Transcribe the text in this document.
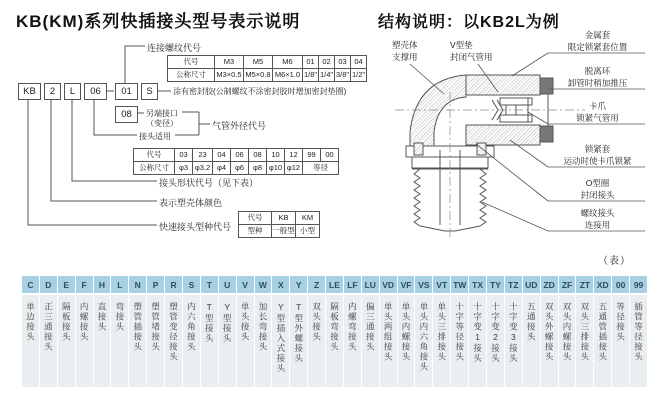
KB(KM)系列快插接头型号表示说明	结构说明：以KB2L为例
KB	2	L	06	01	S
08
连接螺纹代号
涂有密封胶(公制螺纹不涂密封胶时增加密封垫圈)
另端接口
（变径）	气管外径代号
接头适用
接头形状代号（见下表）
表示塑壳体颜色
快速接头型种代号
代号	M3	M5	M6	01	02	03	04
公称尺寸	M3×0.5	M5×0.8	M6×1.0	1/8"	1/4"	3/8"	1/2"
代号	03	23	04	06	08	10	12	99	00
公称尺寸	φ3	φ3.2	φ4	φ6	φ8	φ10	φ12	等径	
代号	KB	KM
型种	一般型	小型
塑壳体
支撑用
V型垫
封闭气管用
金属套
限定锁紧套位置
脱离环
卸管时稍加推压
卡爪
锁紧气管用
锁紧套
运动时使卡爪锁紧
O型圈
封闭接头
螺纹接头
连接用
（表）
C	D	E	F	H	L	N	P	R	S	T	U	V	W	X	Y	Z	LE LF LU VD VF VS VT TW TX TY TZ UD ZD ZF ZT XD 00 99
单边接头 正三通接头 隔板接头 内螺接头 直接头 弯接头 塑管插接头 塑管堵接头 塑管变径接头 内六角接头 T型接头 Y型接头 单头接头 加长弯接头 Y型插入式接头 T型外螺接头 双头接头 隔板弯接头 内螺弯接头 偏三通接头 单头两组接头 单头内螺接头 单头内六角接头 单头三排接头 十字等径接头 十字变1接头 十字变2接头 十字变3接头 五通接头 双头外螺接头 双头内螺接头 双头三排接头 五通管插接头 等径接头 插管等径接头
